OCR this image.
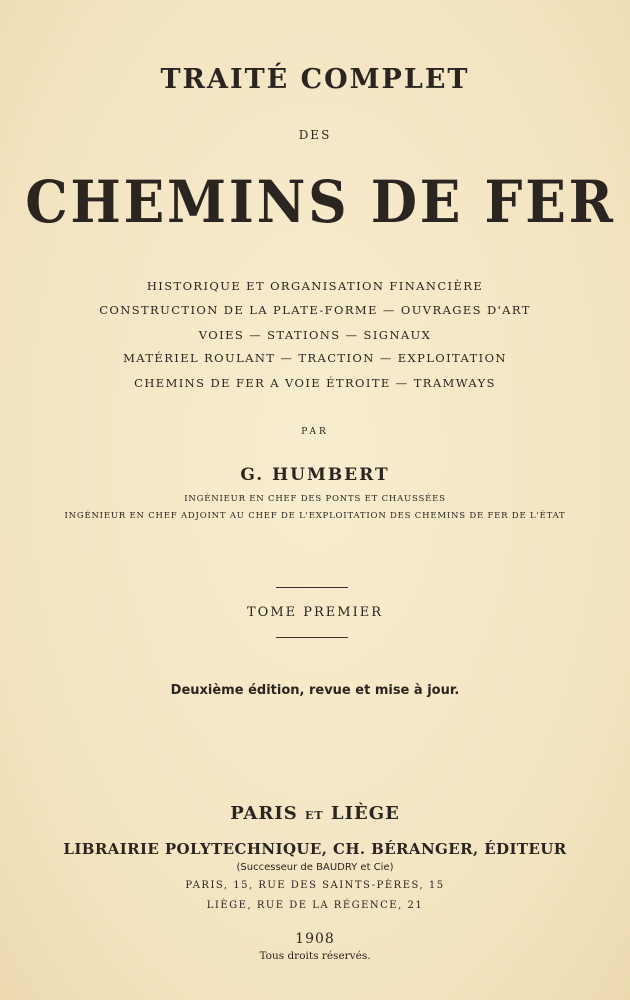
TRAITÉ COMPLET
DES
CHEMINS DE FER
HISTORIQUE ET ORGANISATION FINANCIÈRE
CONSTRUCTION DE LA PLATE-FORME — OUVRAGES D'ART
VOIES — STATIONS — SIGNAUX
MATÉRIEL ROULANT — TRACTION — EXPLOITATION
CHEMINS DE FER A VOIE ÉTROITE — TRAMWAYS
PAR
G. HUMBERT
INGÉNIEUR EN CHEF DES PONTS ET CHAUSSÉES
INGÉNIEUR EN CHEF ADJOINT AU CHEF DE L'EXPLOITATION DES CHEMINS DE FER DE L'ÉTAT
TOME PREMIER
Deuxième édition, revue et mise à jour.
PARIS ET LIÈGE
LIBRAIRIE POLYTECHNIQUE, CH. BÉRANGER, ÉDITEUR
(Successeur de BAUDRY et Cie)
PARIS, 15, RUE DES SAINTS-PÈRES, 15
LIÈGE, RUE DE LA RÉGENCE, 21
1908
Tous droits réservés.
